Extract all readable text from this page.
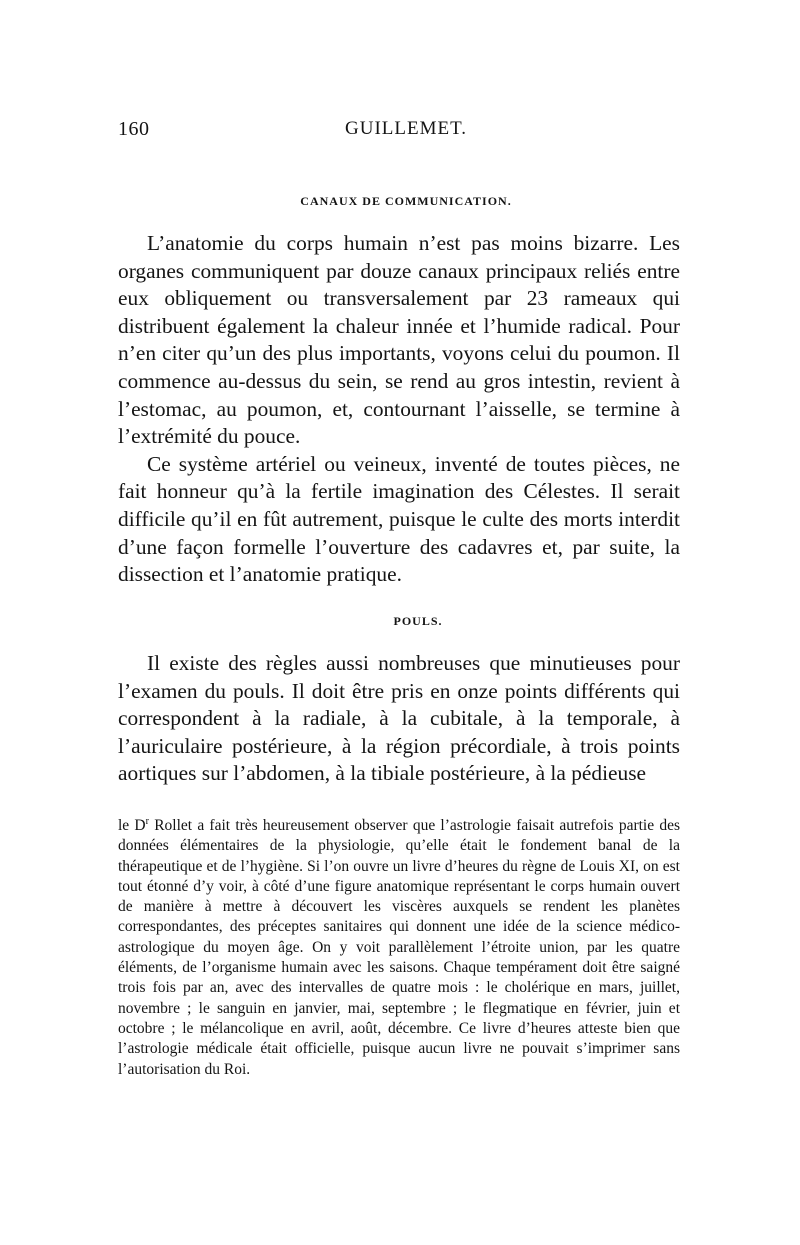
160	GUILLEMET.
CANAUX DE COMMUNICATION.

L’anatomie du corps humain n’est pas moins bizarre. Les organes communiquent par douze canaux principaux reliés entre eux obliquement ou transversalement par 23 rameaux qui distribuent également la chaleur innée et l’humide radical. Pour n’en citer qu’un des plus importants, voyons celui du poumon. Il commence au-dessus du sein, se rend au gros intestin, revient à l’estomac, au poumon, et, contournant l’aisselle, se termine à l’extrémité du pouce.

Ce système artériel ou veineux, inventé de toutes pièces, ne fait honneur qu’à la fertile imagination des Célestes. Il serait difficile qu’il en fût autrement, puisque le culte des morts interdit d’une façon formelle l’ouverture des cadavres et, par suite, la dissection et l’anatomie pratique.

POULS.

Il existe des règles aussi nombreuses que minutieuses pour l’examen du pouls. Il doit être pris en onze points différents qui correspondent à la radiale, à la cubitale, à la temporale, à l’auriculaire postérieure, à la région précordiale, à trois points aortiques sur l’abdomen, à la tibiale postérieure, à la pédieuse

le $D^r$ Rollet a fait très heureusement observer que l’astrologie faisait autrefois partie des données élémentaires de la physiologie, qu’elle était le fondement banal de la thérapeutique et de l’hygiène. Si l’on ouvre un livre d’heures du règne de Louis XI, on est tout étonné d’y voir, à côté d’une figure anatomique représentant le corps humain ouvert de manière à mettre à découvert les viscères auxquels se rendent les planètes correspondantes, des préceptes sanitaires qui donnent une idée de la science médico-astrologique du moyen âge. On y voit parallèlement l’étroite union, par les quatre éléments, de l’organisme humain avec les saisons. Chaque tempérament doit être saigné trois fois par an, avec des intervalles de quatre mois : le cholérique en mars, juillet, novembre ; le sanguin en janvier, mai, septembre ; le flegmatique en février, juin et octobre ; le mélancolique en avril, août, décembre. Ce livre d’heures atteste bien que l’astrologie médicale était officielle, puisque aucun livre ne pouvait s’imprimer sans l’autorisation du Roi.
